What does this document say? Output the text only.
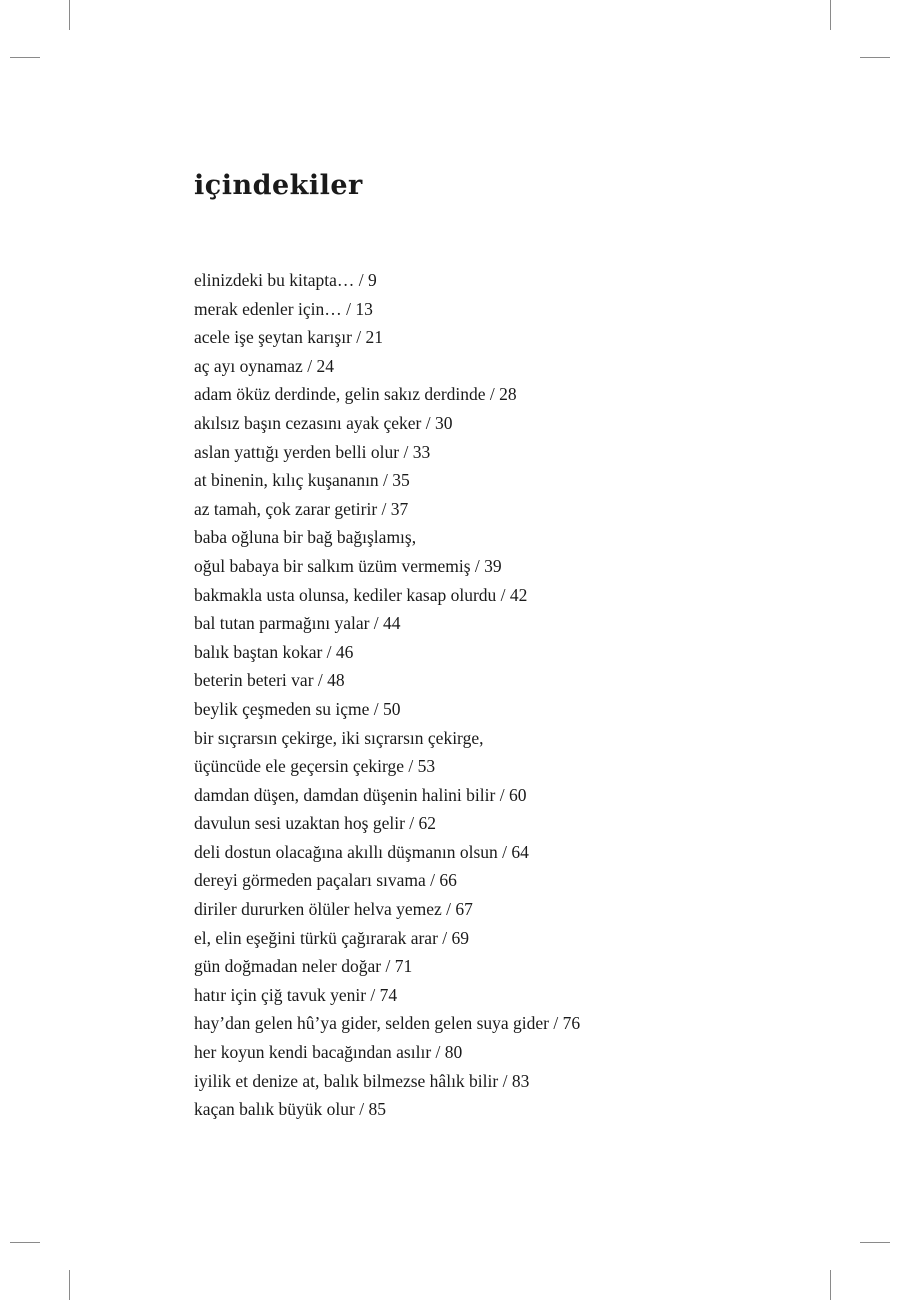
içindekiler
elinizdeki bu kitapta… / 9
merak edenler için… / 13
acele işe şeytan karışır / 21
aç ayı oynamaz / 24
adam öküz derdinde, gelin sakız derdinde / 28
akılsız başın cezasını ayak çeker / 30
aslan yattığı yerden belli olur / 33
at binenin, kılıç kuşananın / 35
az tamah, çok zarar getirir / 37
baba oğluna bir bağ bağışlamış,
oğul babaya bir salkım üzüm vermemiş / 39
bakmakla usta olunsa, kediler kasap olurdu / 42
bal tutan parmağını yalar / 44
balık baştan kokar / 46
beterin beteri var / 48
beylik çeşmeden su içme / 50
bir sıçrarsın çekirge, iki sıçrarsın çekirge,
üçüncüde ele geçersin çekirge / 53
damdan düşen, damdan düşenin halini bilir / 60
davulun sesi uzaktan hoş gelir / 62
deli dostun olacağına akıllı düşmanın olsun / 64
dereyi görmeden paçaları sıvama / 66
diriler dururken ölüler helva yemez / 67
el, elin eşeğini türkü çağırarak arar / 69
gün doğmadan neler doğar / 71
hatır için çiğ tavuk yenir / 74
hay’dan gelen hû’ya gider, selden gelen suya gider / 76
her koyun kendi bacağından asılır / 80
iyilik et denize at, balık bilmezse hâlık bilir / 83
kaçan balık büyük olur / 85
